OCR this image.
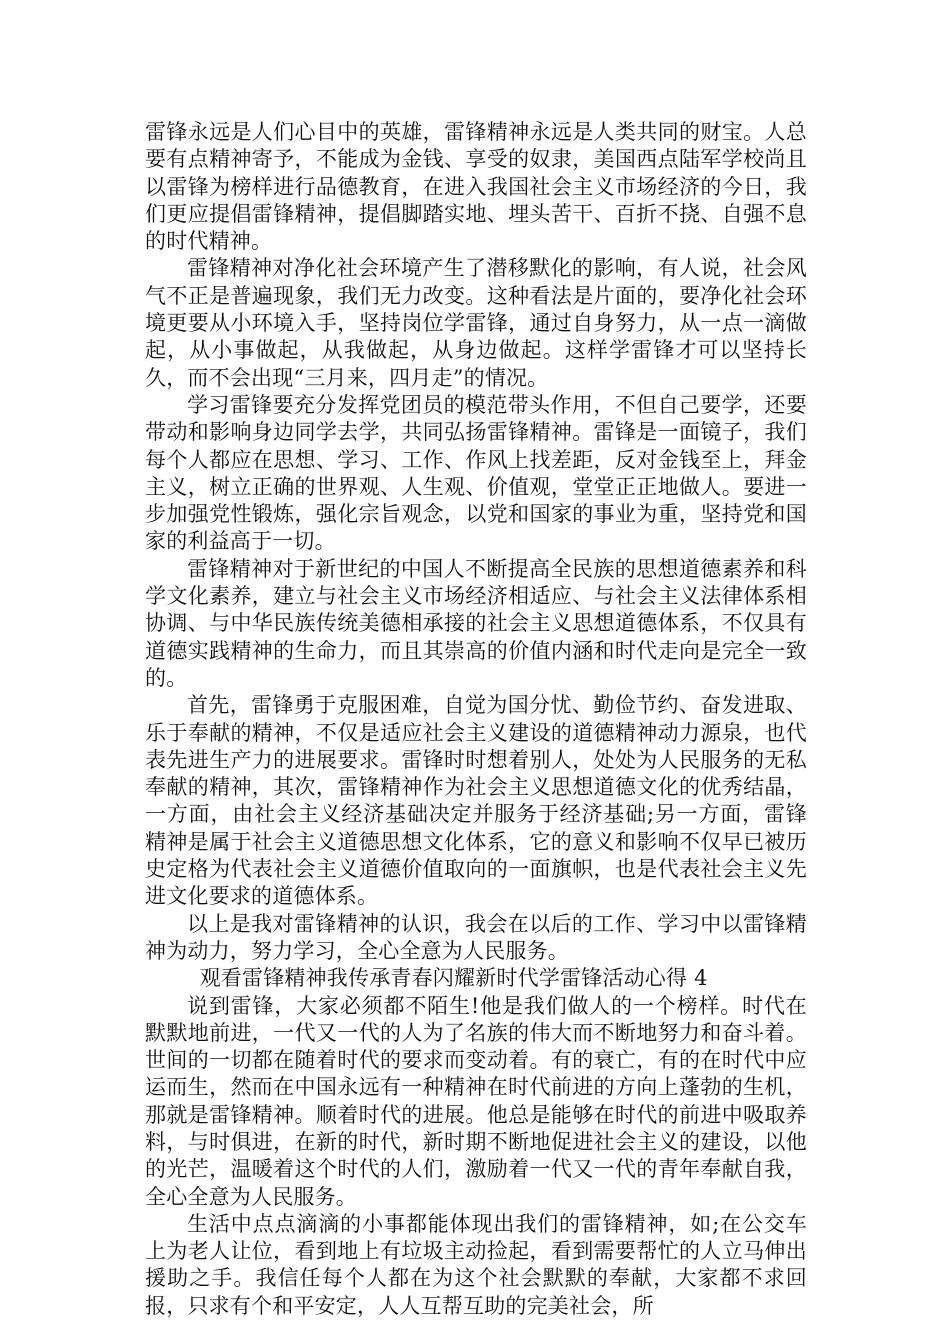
雷锋永远是人们心目中的英雄，雷锋精神永远是人类共同的财宝。人总要有点精神寄予，不能成为金钱、享受的奴隶，美国西点陆军学校尚且以雷锋为榜样进行品德教育，在进入我国社会主义市场经济的今日，我们更应提倡雷锋精神，提倡脚踏实地、埋头苦干、百折不挠、自强不息的时代精神。

雷锋精神对净化社会环境产生了潜移默化的影响，有人说，社会风气不正是普遍现象，我们无力改变。这种看法是片面的，要净化社会环境更要从小环境入手，坚持岗位学雷锋，通过自身努力，从一点一滴做起，从小事做起，从我做起，从身边做起。这样学雷锋才可以坚持长久，而不会出现“三月来，四月走”的情况。

学习雷锋要充分发挥党团员的模范带头作用，不但自己要学，还要带动和影响身边同学去学，共同弘扬雷锋精神。雷锋是一面镜子，我们每个人都应在思想、学习、工作、作风上找差距，反对金钱至上，拜金主义，树立正确的世界观、人生观、价值观，堂堂正正地做人。要进一步加强党性锻炼，强化宗旨观念，以党和国家的事业为重，坚持党和国家的利益高于一切。

雷锋精神对于新世纪的中国人不断提高全民族的思想道德素养和科学文化素养，建立与社会主义市场经济相适应、与社会主义法律体系相协调、与中华民族传统美德相承接的社会主义思想道德体系，不仅具有道德实践精神的生命力，而且其崇高的价值内涵和时代走向是完全一致的。

首先，雷锋勇于克服困难，自觉为国分忧、勤俭节约、奋发进取、乐于奉献的精神，不仅是适应社会主义建设的道德精神动力源泉，也代表先进生产力的进展要求。雷锋时时想着别人，处处为人民服务的无私奉献的精神，其次，雷锋精神作为社会主义思想道德文化的优秀结晶，一方面，由社会主义经济基础决定并服务于经济基础;另一方面，雷锋精神是属于社会主义道德思想文化体系，它的意义和影响不仅早已被历史定格为代表社会主义道德价值取向的一面旗帜，也是代表社会主义先进文化要求的道德体系。

以上是我对雷锋精神的认识，我会在以后的工作、学习中以雷锋精神为动力，努力学习，全心全意为人民服务。

观看雷锋精神我传承青春闪耀新时代学雷锋活动心得 4

说到雷锋，大家必须都不陌生!他是我们做人的一个榜样。时代在默默地前进，一代又一代的人为了名族的伟大而不断地努力和奋斗着。世间的一切都在随着时代的要求而变动着。有的衰亡，有的在时代中应运而生，然而在中国永远有一种精神在时代前进的方向上蓬勃的生机，那就是雷锋精神。顺着时代的进展。他总是能够在时代的前进中吸取养料，与时俱进，在新的时代，新时期不断地促进社会主义的建设，以他的光芒，温暖着这个时代的人们，激励着一代又一代的青年奉献自我，全心全意为人民服务。

生活中点点滴滴的小事都能体现出我们的雷锋精神，如;在公交车上为老人让位，看到地上有垃圾主动捡起，看到需要帮忙的人立马伸出援助之手。我信任每个人都在为这个社会默默的奉献，大家都不求回报，只求有个和平安定，人人互帮互助的完美社会，所
